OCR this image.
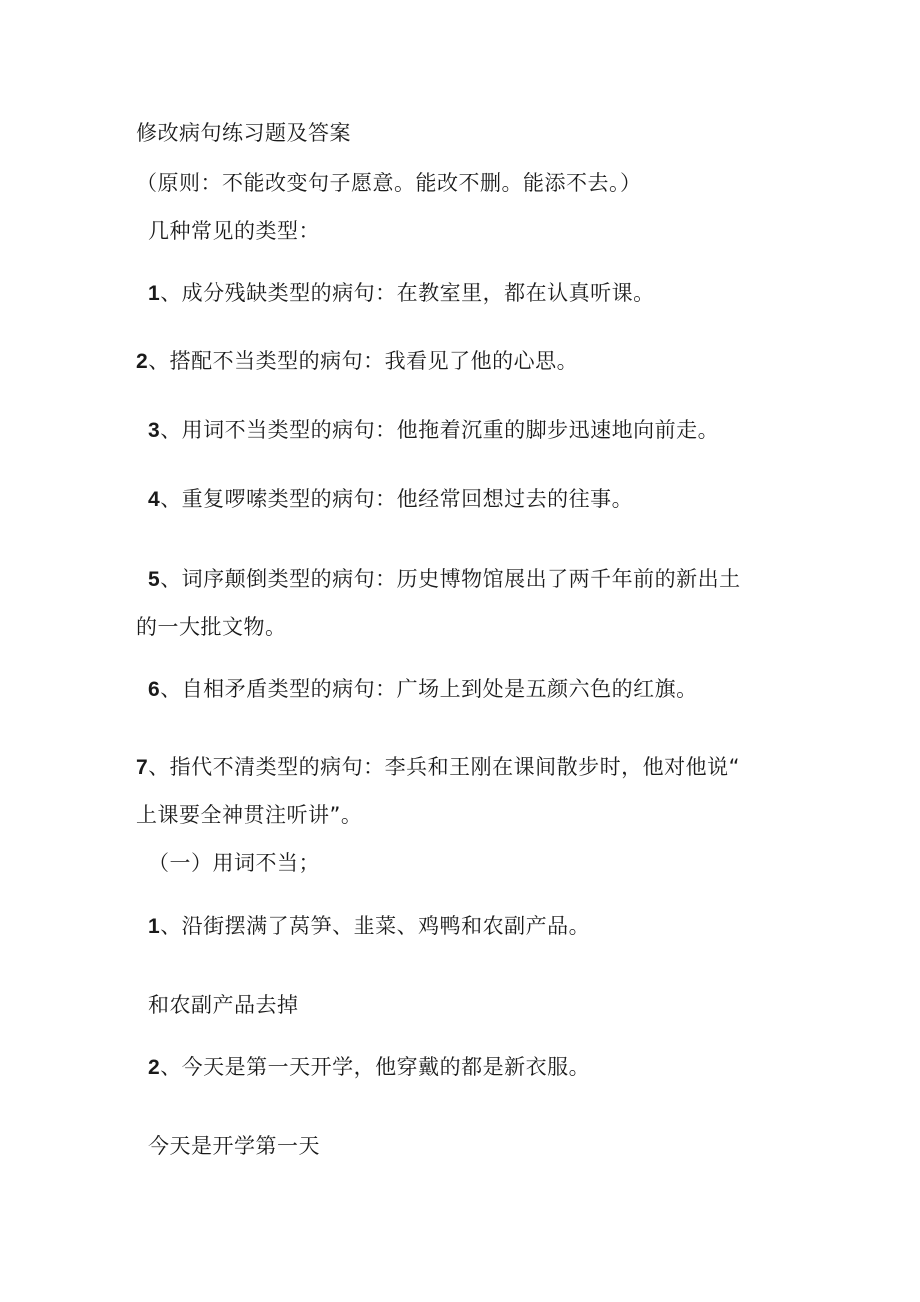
修改病句练习题及答案
（原则：不能改变句子愿意。能改不删。能添不去。）
几种常见的类型：
1、成分残缺类型的病句：在教室里，都在认真听课。
2、搭配不当类型的病句：我看见了他的心思。
3、用词不当类型的病句：他拖着沉重的脚步迅速地向前走。
4、重复啰嗦类型的病句：他经常回想过去的往事。
5、词序颠倒类型的病句：历史博物馆展出了两千年前的新出土
的一大批文物。
6、自相矛盾类型的病句：广场上到处是五颜六色的红旗。
7、指代不清类型的病句：李兵和王刚在课间散步时，他对他说“
上课要全神贯注听讲”。
（一）用词不当；
1、沿街摆满了莴笋、韭菜、鸡鸭和农副产品。
和农副产品去掉
2、今天是第一天开学，他穿戴的都是新衣服。
今天是开学第一天
